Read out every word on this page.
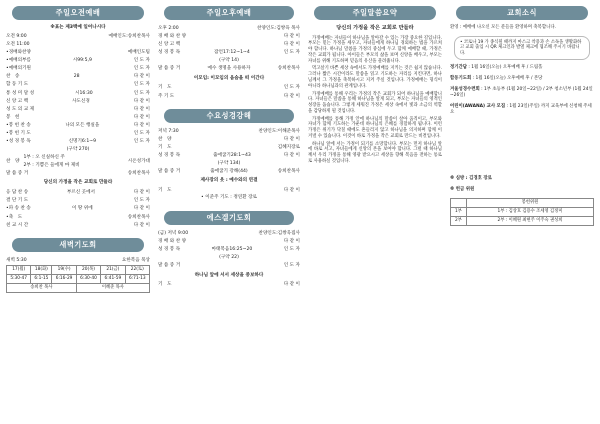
주일오전예배
※표는 제3백예 일어나시다
오전 9:00	예배인도:송희찬목사
오전 11:00
•경배와찬양	예배인도팀
•예배의부름	시99:5,9	인 도 자
•예배의기원	인 도 자
찬　송	28	다 같 이
합 동 기 도	인 도 자
통 성 미 달 성	시16:30	인 도 자
신 앙 고 백	사도신경	다 같 이
성 도 의 교 제	다 같 이
봉　헌	다 같 이
•봉 헌 찬 송	나의 모든 행실을	다 같 이
•봉 헌 기 도	인 도 자
•성 경 봉 독	신명기6:1~9	인 도 자
(구약 270)
찬　양
1부 : 오 신실하신 주
2부 : 기쁨은 들에게 마 제비
시온성가대
말 씀 증 거	송희찬목사
당신의 가정을 작은 교회로 만들라
응 답 찬 송	부르신 곳에서	다 같 이
결 단 기 도	인 도 자
•파 송 찬 송	이 땅 위에	다 같 이
•축　도	송희찬목사
친 교 시 간	다 같 이
새벽기도회
새벽 5:30	요한복음 묵상
17(월)	18(화)	19(수)	20(목)	21(금)	22(토)
5:30-47	6:1-15	6:16-29	6:30-40	6:41-59	6:71-13
송희찬 목사			이혜준 목사		
주일오후예배
오후 2:00	찬양인도:김쌍육 목사
경 배 와 찬 양	다 같 이
신 앙 고 백	다 같 이
성 경 봉 독	잠언17:12~1~4	인 도 자
(구약 14)
말 씀 증 거	예수 생명을 사용하자	송희찬목사
이모임: 이모임의 음숨을 떠 이간다
기　도	인 도 자
주 기 도	다 같 이
수요성경강해
저녁 7:30	찬양인도:이해준목사
찬　양	다 같 이
기　도	김혜지장로
성 경 봉 독	출애굽기28:1~43	다 같 이
(구약 134)
말 씀 증 거	출애굽기 강해(44)	송희찬목사
제사장의 옷 : 예수와의 연결
기　도	다 같 이
• 이준주 기도 : 정연환 장로
에스겔기도회
(금) 저녁 9:00	찬양인도:김쌍욱집사
경 배 와 찬 양	다 같 이
성 경 봉 독	마태복음16:25~20	인 도 자
(구약 22)
말 씀 증 거	인 도 자
하나님 앞에 서서 세상을 중보하다
기　도	다 같 이
주일말씀요약
당신의 가정을 작은 교회로 만들라
가정예배는 자녀들이 하나님을 알아갈 수 있는 가장 중요한 길입니다. 부모는 믿는 가정을 세우고, 자녀들에게 하나님 경외하는 법을 가르쳐야 합니다. 하나님 말씀을 가정의 중심에 두고 함께 예배할 때, 가정은 작은 교회가 됩니다. 아이들은 부모의 삶을 보며 신앙을 배우고, 부모는 자녀를 위해 기도하며 믿음의 유산을 물려줍니다.
먹고살기 바쁜 세상 속에서도 가정예배를 지키는 것은 쉽지 않습니다. 그러나 짧은 시간이라도 말씀을 읽고 기도하는 자리를 지킨다면, 하나님께서 그 가정을 축복하시고 지켜 주실 것입니다. 가정예배는 형식이 아니라 하나님과의 관계입니다.
가정예배를 통해 우리는 가정의 작은 교회가 되어 하나님을 예배합니다. 자녀들은 말씀을 통해 하나님을 알게 되고, 부모는 자녀들의 영적인 성장을 돕습니다. 그렇게 세워진 가정은 세상 속에서 빛과 소금의 역할을 감당하게 될 것입니다.
가정예배를 통해 가정 안에 하나님의 말씀이 살아 움직이고, 부모와 자녀가 함께 기도하는 가운데 하나님의 은혜를 경험하게 됩니다. 이런 가정은 위기가 닥칠 때에도 흔들리지 않고 하나님을 의지하며 함께 이겨낼 수 있습니다. 이것이 바로 가정을 작은 교회로 만드는 비결입니다.
하나님 앞에 서는 가정이 되기를 소망합니다. 부모는 먼저 하나님 앞에 바로 서고, 자녀들에게 신앙의 본을 보여야 합니다. 그럴 때 하나님께서 우리 가정을 통해 영광 받으시고 세상을 향해 복음을 전하는 통로로 사용하실 것입니다.
교회소식
환영 : 예배에 나오신 모든 분들을 환영하며 축복합니다.
• 코로나 19 가 종식될 때까지 마스크 착용과 손 소독을 생활화하고 교회 출입 시 QR 체크인과 발열 체크에 협조해 주시기 바랍니다.
정기간담 : 1월 16일(오늘) 오후예배 후 / 드림홀
합동기도회 : 1월 16일(오늘) 오후예배 후 / 본당
겨울성경수련회 : 1부 초등부 (1월 20일~22일) / 2부 청소년부 (1월 24일~26일)
어린이(AWANA) 교사 모집 : 1월 23일(주일) 까지 교육부에 신청해 주세요
※ 심방 : 김경호 장로
※ 헌금 위원
	봉헌위원
1부	1부 : 김상호 김용수 조세영 김정미
2부	2부 : 이혜원 최현주 이주숙 권성희
